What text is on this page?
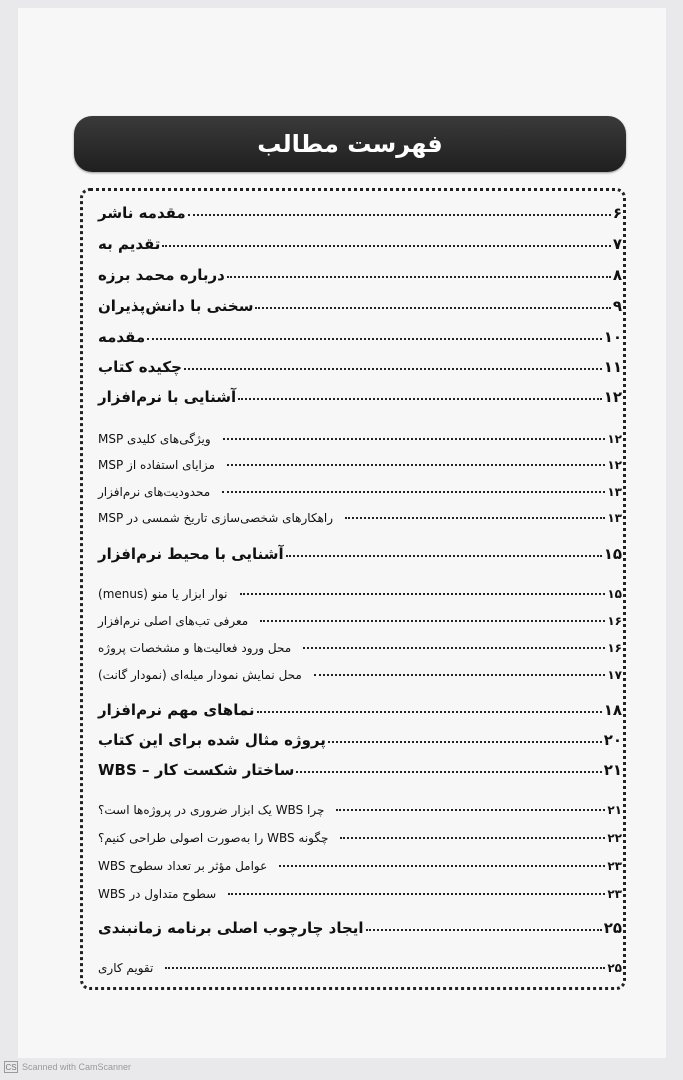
فهرست مطالب
مقدمه ناشر	۶
تقدیم به	۷
درباره محمد برزه	۸
سخنی با دانش‌پذیران	۹
مقدمه	۱۰
چکیده کتاب	۱۱
آشنایی با نرم‌افزار	۱۲
ویژگی‌های کلیدی MSP	۱۲
مزایای استفاده از MSP	۱۲
محدودیت‌های نرم‌افزار	۱۳
راهکارهای شخصی‌سازی تاریخ شمسی در MSP	۱۳
آشنایی با محیط نرم‌افزار	۱۵
نوار ابزار یا منو (menus)	۱۵
معرفی تب‌های اصلی نرم‌افزار	۱۶
محل ورود فعالیت‌ها و مشخصات پروژه	۱۶
محل نمایش نمودار میله‌ای (نمودار گانت)	۱۷
نماهای مهم نرم‌افزار	۱۸
پروژه مثال شده برای این کتاب	۲۰
ساختار شکست کار – WBS	۲۱
چرا WBS یک ابزار ضروری در پروژه‌ها است؟	۲۱
چگونه WBS را به‌صورت اصولی طراحی کنیم؟	۲۲
عوامل مؤثر بر تعداد سطوح WBS	۲۳
سطوح متداول در WBS	۲۳
ایجاد چارچوب اصلی برنامه زمانبندی	۲۵
تقویم کاری	۲۵
CS Scanned with CamScanner
